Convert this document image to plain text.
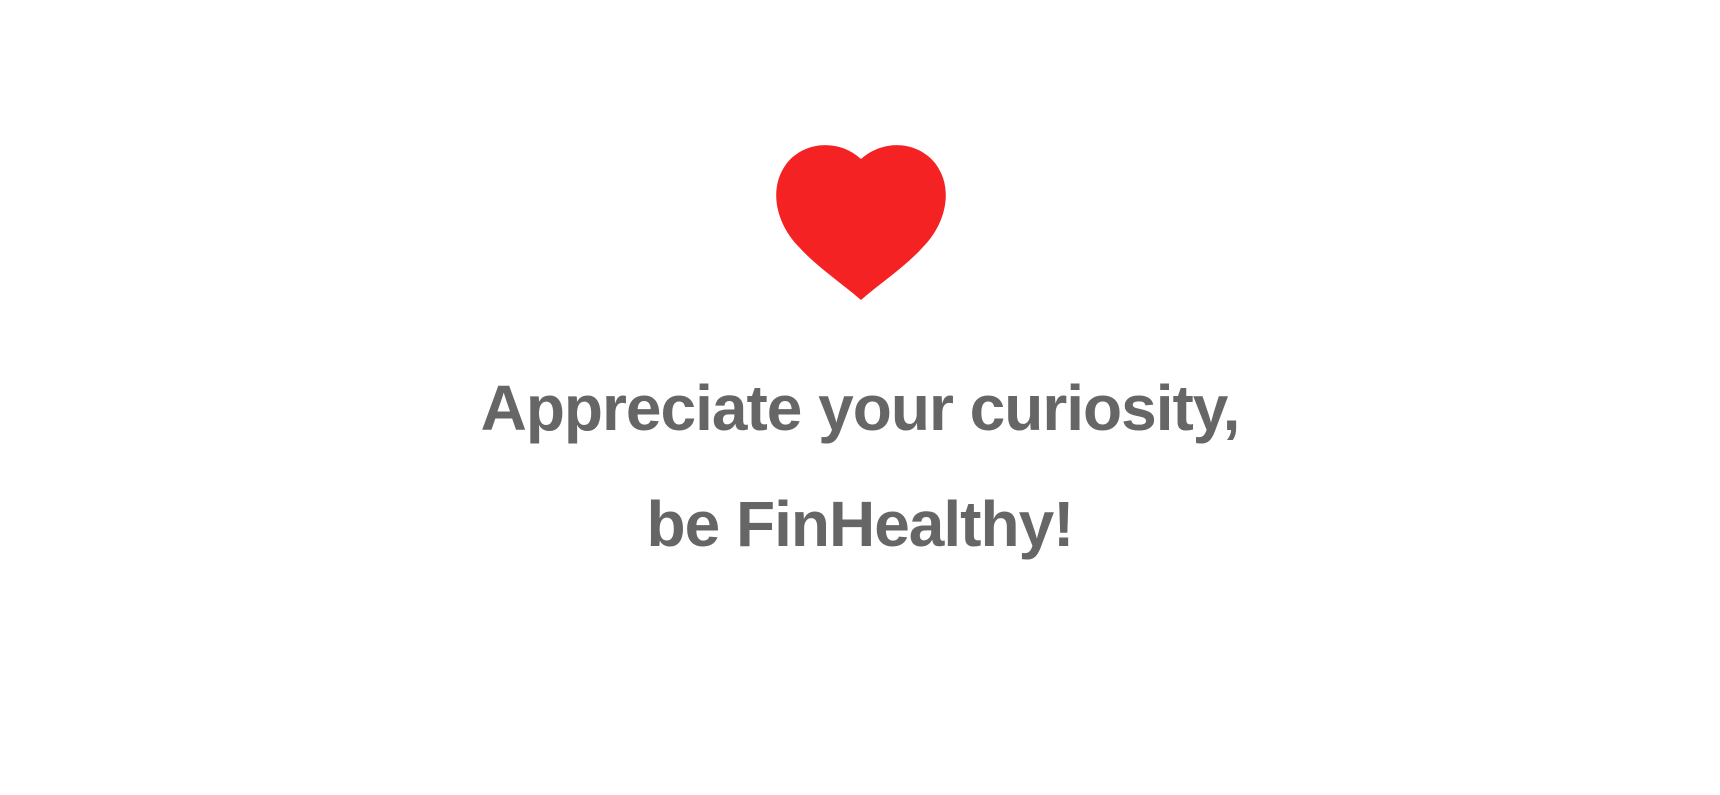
Appreciate your curiosity,
be FinHealthy!
